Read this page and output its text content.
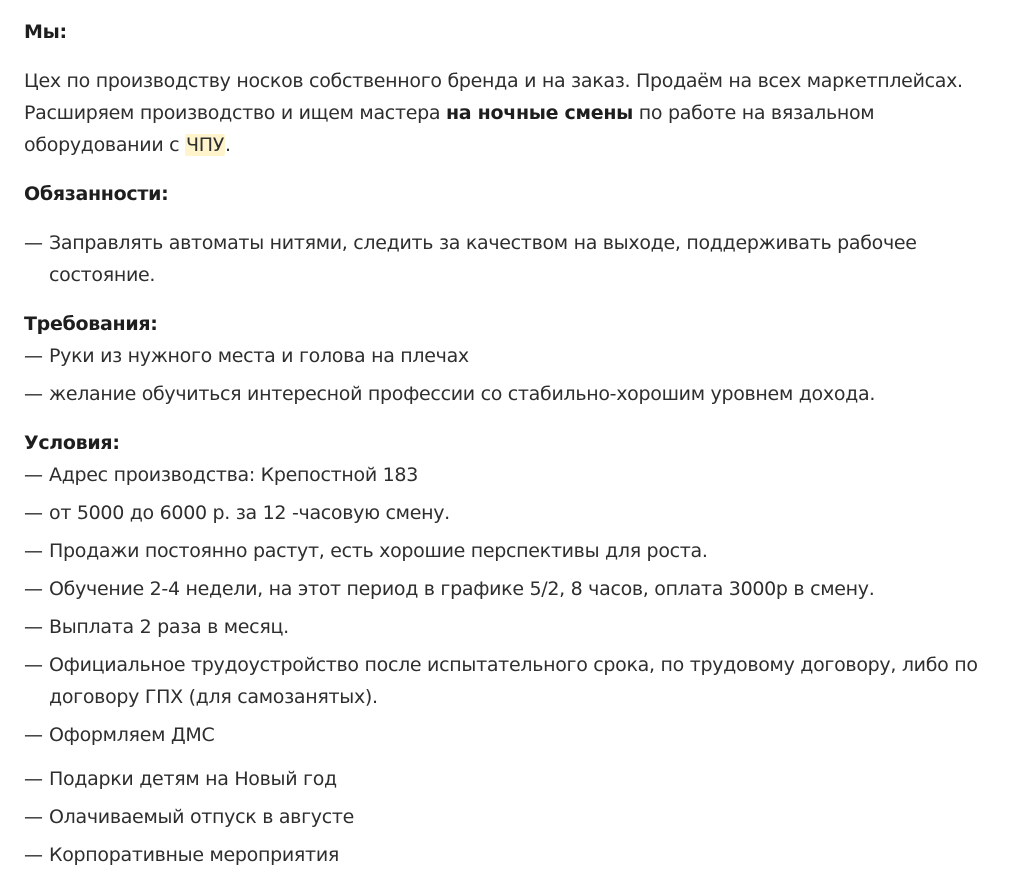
Мы:

Цех по производству носков собственного бренда и на заказ. Продаём на всех маркетплейсах. Расширяем производство и ищем мастера на ночные смены по работе на вязальном оборудовании с ЧПУ.

Обязанности:

— Заправлять автоматы нитями, следить за качеством на выходе, поддерживать рабочее состояние.

Требования:

— Руки из нужного места и голова на плечах

— желание обучиться интересной профессии со стабильно-хорошим уровнем дохода.

Условия:

— Адрес производства: Крепостной 183

— от 5000 до 6000 р. за 12 -часовую смену.

— Продажи постоянно растут, есть хорошие перспективы для роста.

— Обучение 2-4 недели, на этот период в графике 5/2, 8 часов, оплата 3000р в смену.

— Выплата 2 раза в месяц.

— Официальное трудоустройство после испытательного срока, по трудовому договору, либо по договору ГПХ (для самозанятых).

— Оформляем ДМС

— Подарки детям на Новый год

— Олачиваемый отпуск в августе

— Корпоративные мероприятия
